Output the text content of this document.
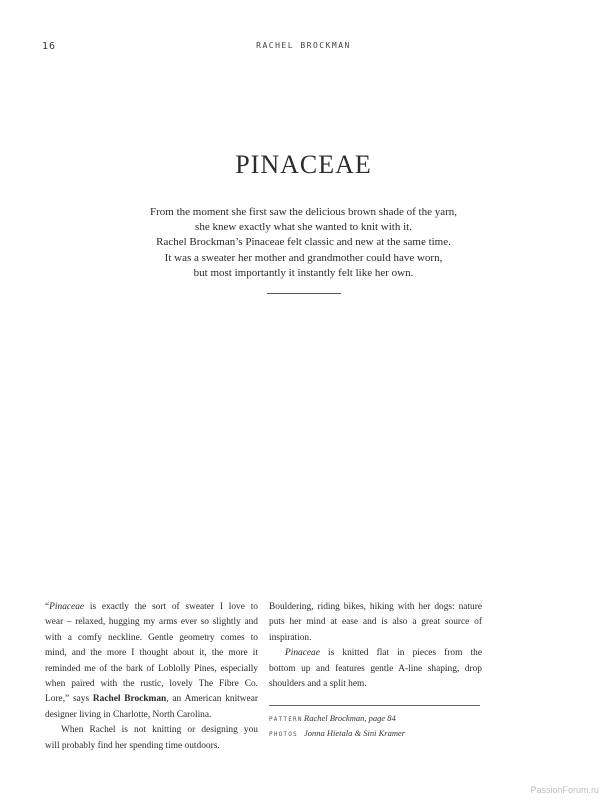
16	RACHEL BROCKMAN
PINACEAE

From the moment she first saw the delicious brown shade of the yarn,
she knew exactly what she wanted to knit with it.
Rachel Brockman’s Pinaceae felt classic and new at the same time.
It was a sweater her mother and grandmother could have worn,
but most importantly it instantly felt like her own.

“Pinaceae is exactly the sort of sweater I love to
wear – relaxed, hugging my arms ever so slightly and
with a comfy neckline. Gentle geometry comes to
mind, and the more I thought about it, the more it
reminded me of the bark of Loblolly Pines, especially
when paired with the rustic, lovely The Fibre Co.
Lore,” says Rachel Brockman, an American knitwear
designer living in Charlotte, North Carolina.

When Rachel is not knitting or designing you
will probably find her spending time outdoors.

Bouldering, riding bikes, hiking with her dogs: nature
puts her mind at ease and is also a great source of
inspiration.

Pinaceae is knitted flat in pieces from the
bottom up and features gentle A-line shaping, drop
shoulders and a split hem.

PATTERNRachel Brockman, page 84
PHOTOS Jonna Hietala & Sini Kramer
PassionForum.ru
